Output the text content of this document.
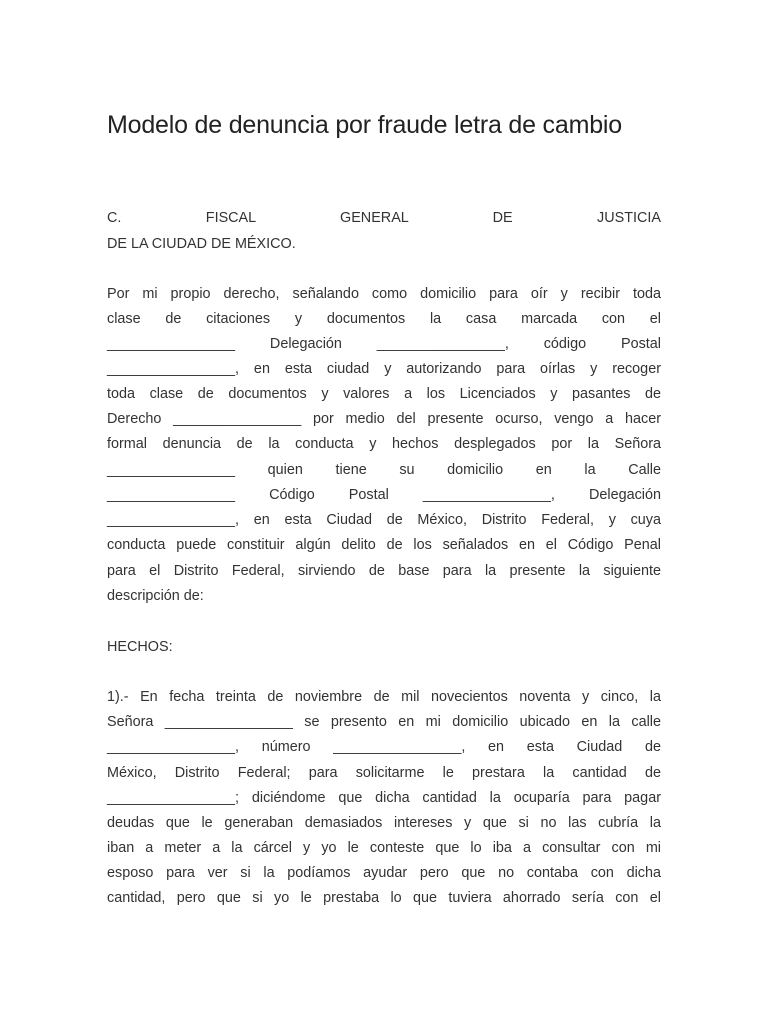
Modelo de denuncia por fraude letra de cambio

C. FISCAL GENERAL DE JUSTICIA

DE LA CIUDAD DE MÉXICO.

Por mi propio derecho, señalando como domicilio para oír y recibir toda

clase de citaciones y documentos la casa marcada con el

________________ Delegación ________________, código Postal

________________, en esta ciudad y autorizando para oírlas y recoger

toda clase de documentos y valores a los Licenciados y pasantes de

Derecho ________________ por medio del presente ocurso, vengo a hacer

formal denuncia de la conducta y hechos desplegados por la Señora

________________ quien tiene su domicilio en la Calle

________________ Código Postal ________________, Delegación

________________, en esta Ciudad de México, Distrito Federal, y cuya

conducta puede constituir algún delito de los señalados en el Código Penal

para el Distrito Federal, sirviendo de base para la presente la siguiente

descripción de:

HECHOS:

1).- En fecha treinta de noviembre de mil novecientos noventa y cinco, la

Señora ________________ se presento en mi domicilio ubicado en la calle

________________, número ________________, en esta Ciudad de

México, Distrito Federal; para solicitarme le prestara la cantidad de

________________; diciéndome que dicha cantidad la ocuparía para pagar

deudas que le generaban demasiados intereses y que si no las cubría la

iban a meter a la cárcel y yo le conteste que lo iba a consultar con mi

esposo para ver si la podíamos ayudar pero que no contaba con dicha

cantidad, pero que si yo le prestaba lo que tuviera ahorrado sería con el
